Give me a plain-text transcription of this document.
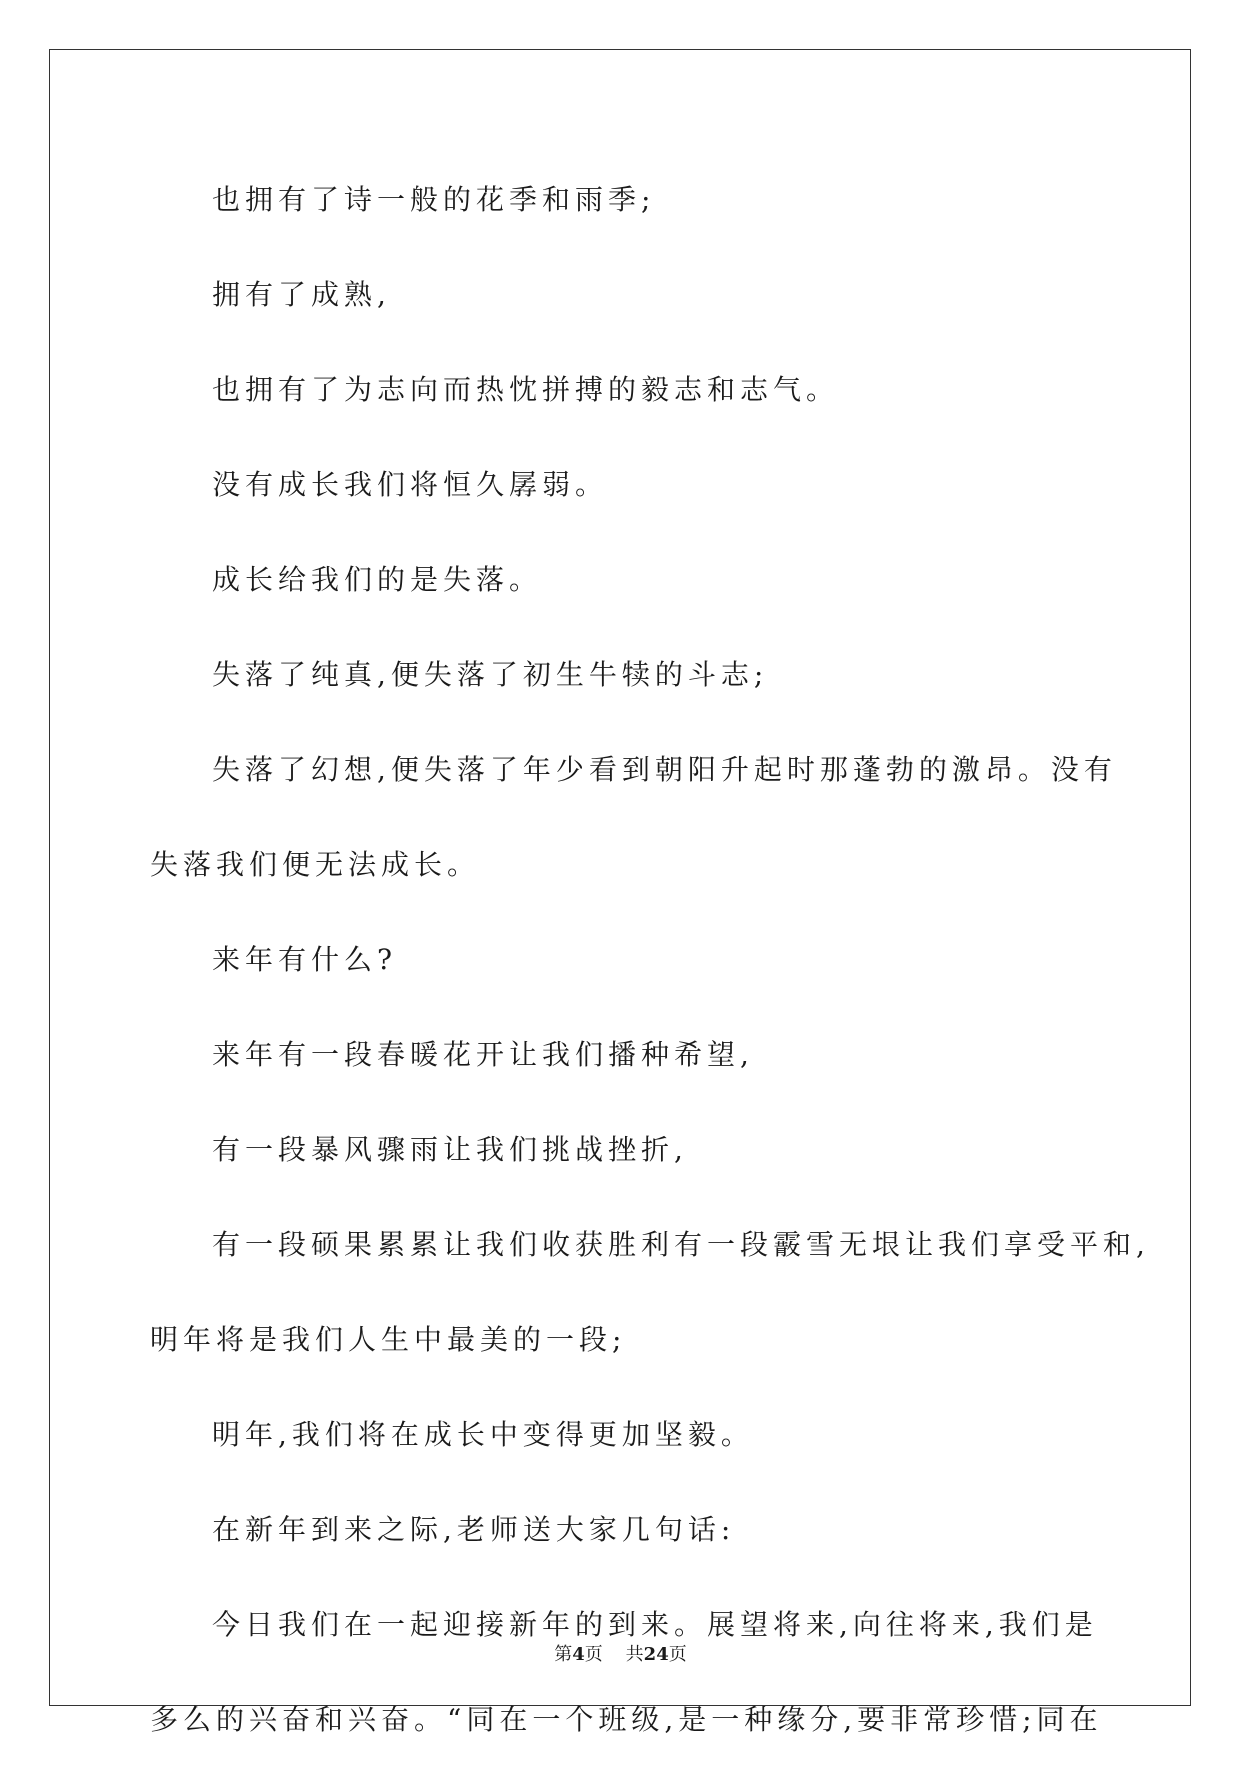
也拥有了诗一般的花季和雨季;

拥有了成熟,

也拥有了为志向而热忱拼搏的毅志和志气。

没有成长我们将恒久孱弱。

成长给我们的是失落。

失落了纯真,便失落了初生牛犊的斗志;

失落了幻想,便失落了年少看到朝阳升起时那蓬勃的激昂。没有

失落我们便无法成长。

来年有什么?

来年有一段春暖花开让我们播种希望,

有一段暴风骤雨让我们挑战挫折,

有一段硕果累累让我们收获胜利有一段霰雪无垠让我们享受平和,

明年将是我们人生中最美的一段;

明年,我们将在成长中变得更加坚毅。

在新年到来之际,老师送大家几句话:

今日我们在一起迎接新年的到来。展望将来,向往将来,我们是

多么的兴奋和兴奋。“同在一个班级,是一种缘分,要非常珍惜;同在

第4页 共24页
